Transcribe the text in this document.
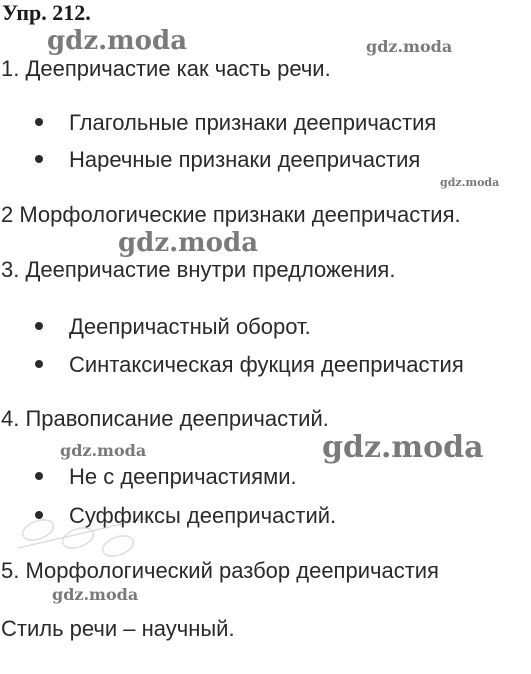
Упр. 212.
gdz.moda	gdz.moda
gdz.moda
gdz.moda
gdz.moda	gdz.moda
gdz.moda
1. Деепричастие как часть речи.
Глагольные признаки деепричастия
Наречные признаки деепричастия
2 Морфологические признаки деепричастия.
3. Деепричастие внутри предложения.
Деепричастный оборот.
Синтаксическая фукция деепричастия
4. Правописание деепричастий.
Не с деепричастиями.
Суффиксы деепричастий.
5. Морфологический разбор деепричастия
Стиль речи – научный.
